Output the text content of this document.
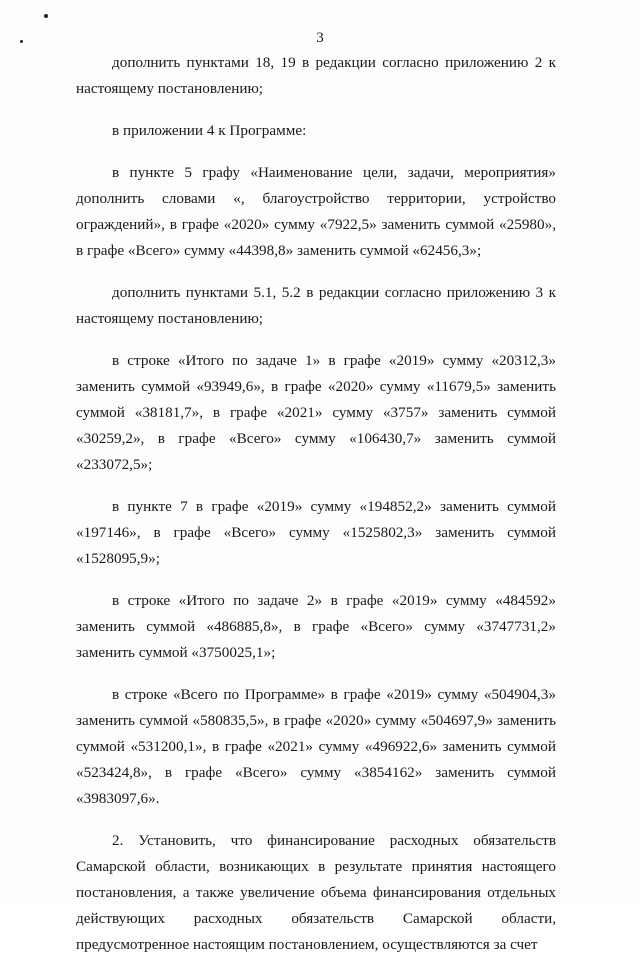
3

дополнить пунктами 18, 19 в редакции согласно приложению 2 к настоящему постановлению;

в приложении 4 к Программе:

в пункте 5 графу «Наименование цели, задачи, мероприятия» дополнить словами «, благоустройство территории, устройство ограждений», в графе «2020» сумму «7922,5» заменить суммой «25980», в графе «Всего» сумму «44398,8» заменить суммой «62456,3»;

дополнить пунктами 5.1, 5.2 в редакции согласно приложению 3 к настоящему постановлению;

в строке «Итого по задаче 1» в графе «2019» сумму «20312,3» заменить суммой «93949,6», в графе «2020» сумму «11679,5» заменить суммой «38181,7», в графе «2021» сумму «3757» заменить суммой «30259,2», в графе «Всего» сумму «106430,7» заменить суммой «233072,5»;

в пункте 7 в графе «2019» сумму «194852,2» заменить суммой «197146», в графе «Всего» сумму «1525802,3» заменить суммой «1528095,9»;

в строке «Итого по задаче 2» в графе «2019» сумму «484592» заменить суммой «486885,8», в графе «Всего» сумму «3747731,2» заменить суммой «3750025,1»;

в строке «Всего по Программе» в графе «2019» сумму «504904,3» заменить суммой «580835,5», в графе «2020» сумму «504697,9» заменить суммой «531200,1», в графе «2021» сумму «496922,6» заменить суммой «523424,8», в графе «Всего» сумму «3854162» заменить суммой «3983097,6».

2. Установить, что финансирование расходных обязательств Самарской области, возникающих в результате принятия настоящего постановления, а также увеличение объема финансирования отдельных действующих расходных обязательств Самарской области, предусмотренное настоящим постановлением, осуществляются за счет
